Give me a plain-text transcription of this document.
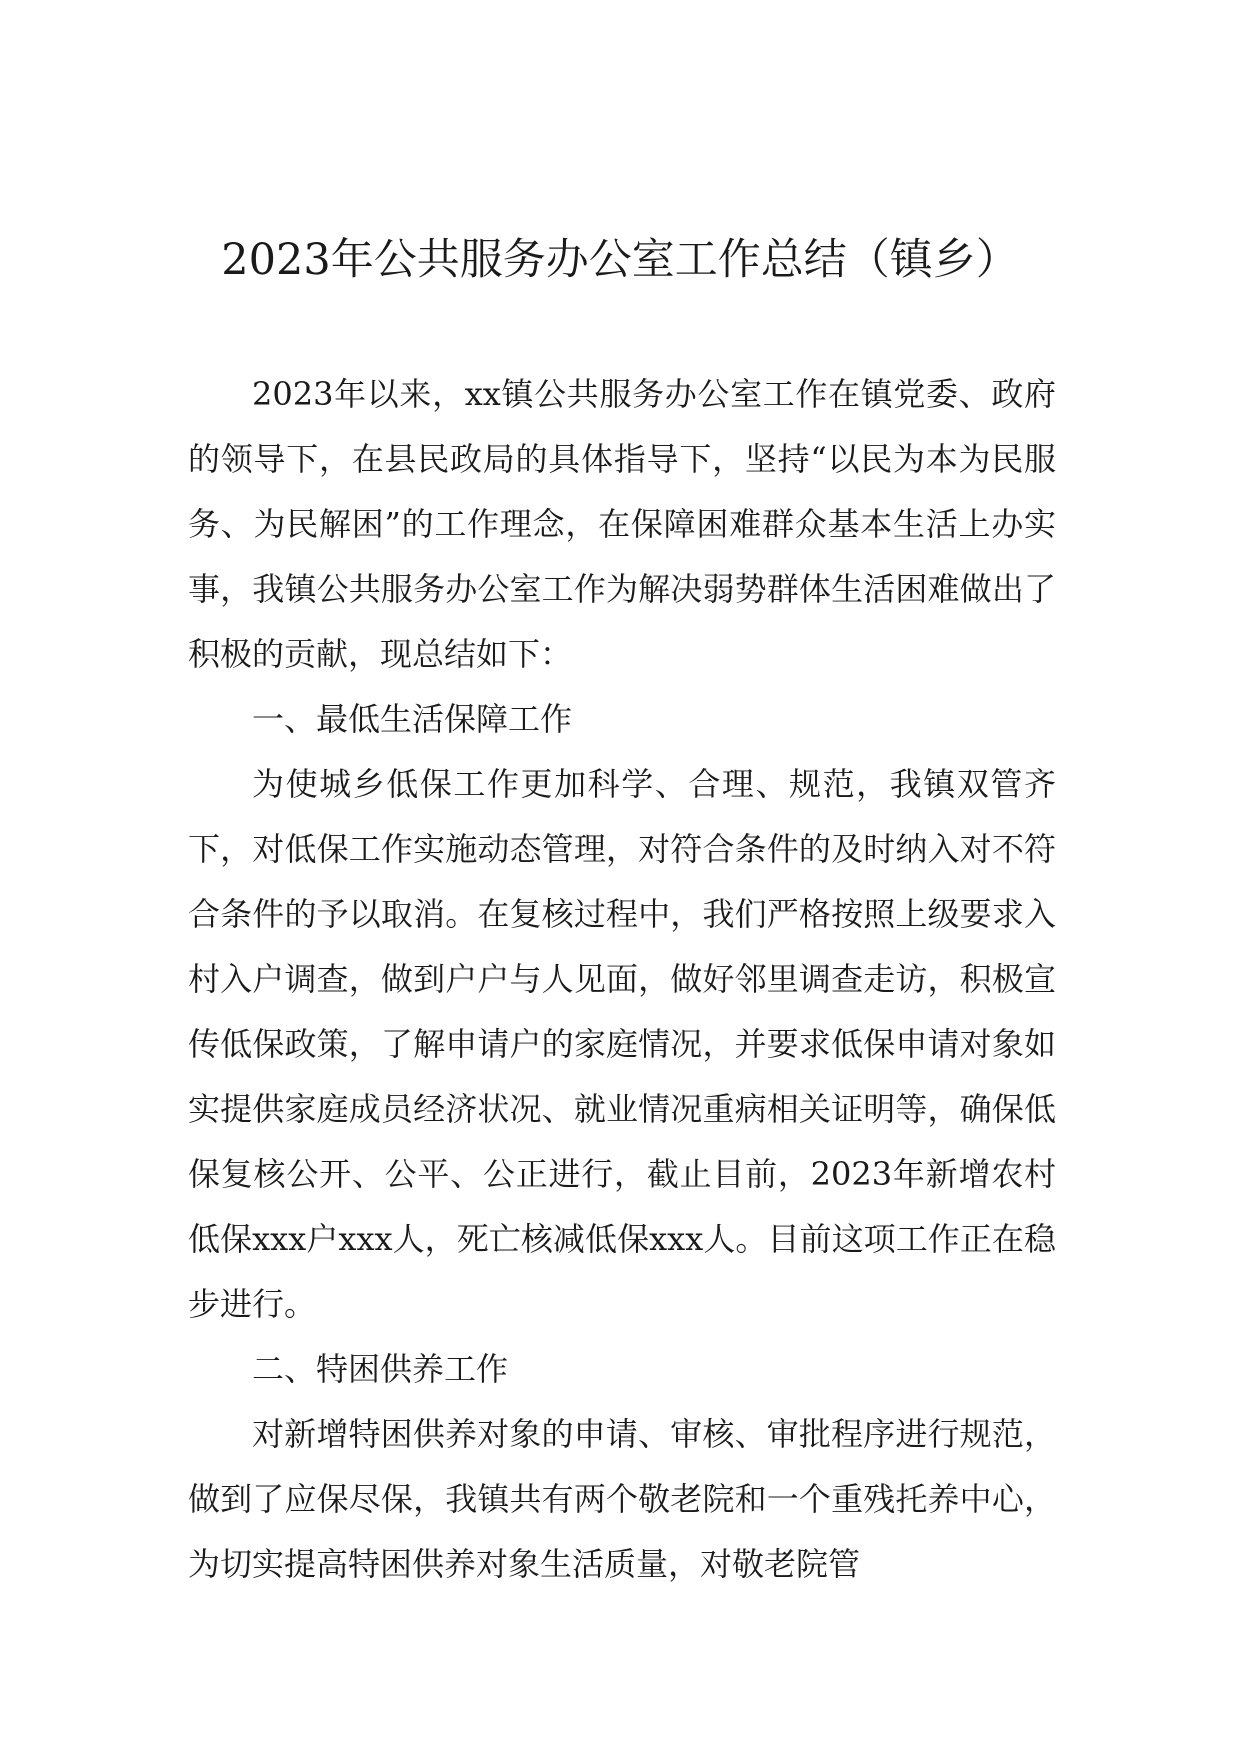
2023年公共服务办公室工作总结（镇乡）

2023年以来，xx镇公共服务办公室工作在镇党委、政府的领导下，在县民政局的具体指导下，坚持“以民为本为民服务、为民解困”的工作理念，在保障困难群众基本生活上办实事，我镇公共服务办公室工作为解决弱势群体生活困难做出了积极的贡献，现总结如下：

一、最低生活保障工作

为使城乡低保工作更加科学、合理、规范，我镇双管齐下，对低保工作实施动态管理，对符合条件的及时纳入对不符合条件的予以取消。在复核过程中，我们严格按照上级要求入村入户调查，做到户户与人见面，做好邻里调查走访，积极宣传低保政策，了解申请户的家庭情况，并要求低保申请对象如实提供家庭成员经济状况、就业情况重病相关证明等，确保低保复核公开、公平、公正进行，截止目前，2023年新增农村低保xxx户xxx人，死亡核减低保xxx人。目前这项工作正在稳步进行。

二、特困供养工作

对新增特困供养对象的申请、审核、审批程序进行规范，做到了应保尽保，我镇共有两个敬老院和一个重残托养中心，为切实提高特困供养对象生活质量，对敬老院管
